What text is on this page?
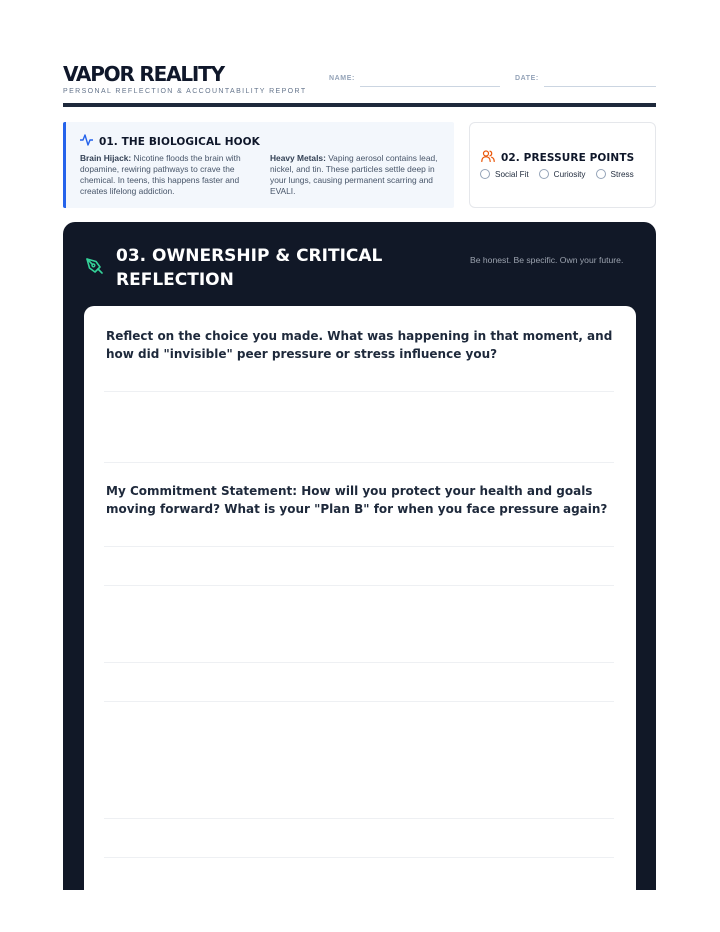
VAPOR REALITY
PERSONAL REFLECTION & ACCOUNTABILITY REPORT
NAME:	DATE:
01. THE BIOLOGICAL HOOK
Brain Hijack: Nicotine floods the brain with dopamine, rewiring pathways to crave the chemical. In teens, this happens faster and creates lifelong addiction.
Heavy Metals: Vaping aerosol contains lead, nickel, and tin. These particles settle deep in your lungs, causing permanent scarring and EVALI.
02. PRESSURE POINTS
Social Fit	Curiosity	Stress
03. OWNERSHIP & CRITICAL REFLECTION
Be honest. Be specific. Own your future.
Reflect on the choice you made. What was happening in that moment, and how did "invisible" peer pressure or stress influence you?
My Commitment Statement: How will you protect your health and goals moving forward? What is your "Plan B" for when you face pressure again?
